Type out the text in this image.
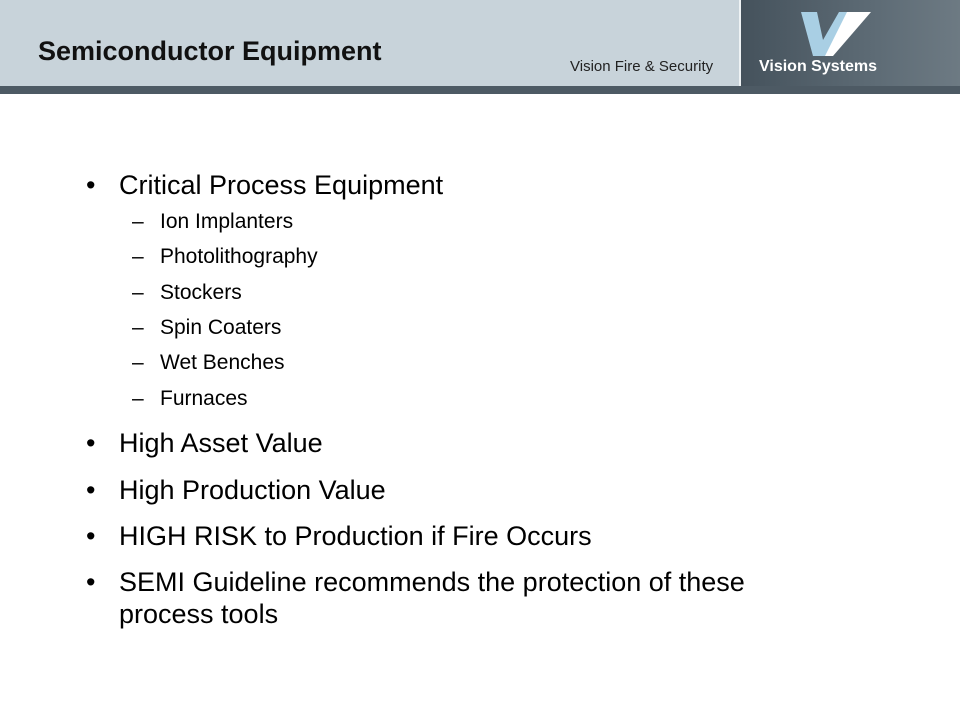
Semiconductor Equipment
Vision Fire & Security	Vision Systems
• Critical Process Equipment
– Ion Implanters
– Photolithography
– Stockers
– Spin Coaters
– Wet Benches
– Furnaces
• High Asset Value
• High Production Value
• HIGH RISK to Production if Fire Occurs
• SEMI Guideline recommends the protection of these process tools
